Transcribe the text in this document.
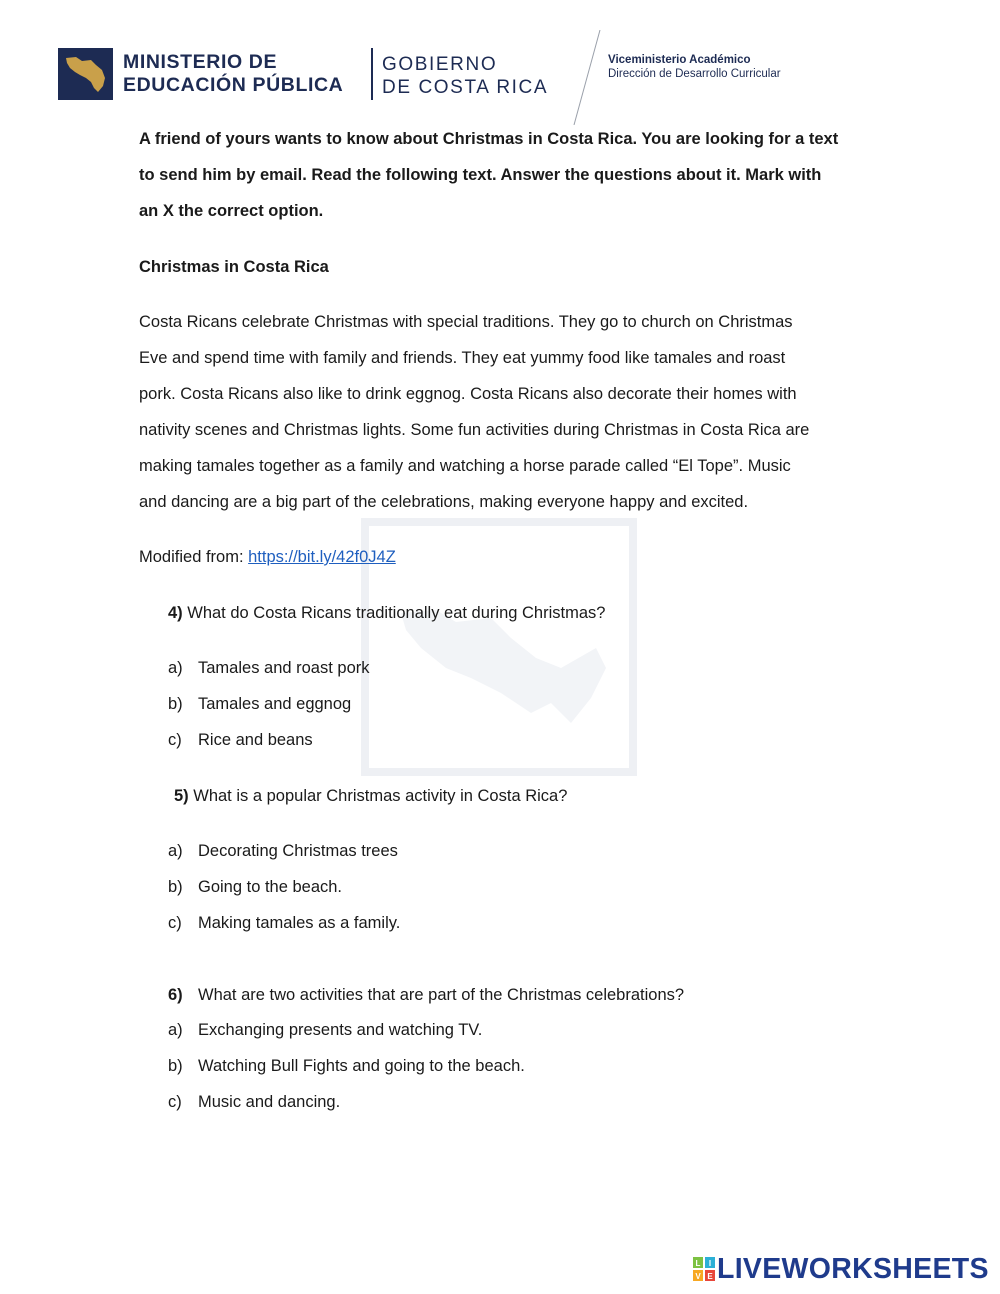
MINISTERIO DE
EDUCACIÓN PÚBLICA
GOBIERNO
DE COSTA RICA
Viceministerio Académico
Dirección de Desarrollo Curricular
A friend of yours wants to know about Christmas in Costa Rica. You are looking for a text
to send him by email. Read the following text. Answer the questions about it. Mark with
an X the correct option.
Christmas in Costa Rica
Costa Ricans celebrate Christmas with special traditions. They go to church on Christmas
Eve and spend time with family and friends. They eat yummy food like tamales and roast
pork. Costa Ricans also like to drink eggnog. Costa Ricans also decorate their homes with
nativity scenes and Christmas lights. Some fun activities during Christmas in Costa Rica are
making tamales together as a family and watching a horse parade called “El Tope”. Music
and dancing are a big part of the celebrations, making everyone happy and excited.
Modified from: https://bit.ly/42f0J4Z
4) What do Costa Ricans traditionally eat during Christmas?
a) Tamales and roast pork
b) Tamales and eggnog
c) Rice and beans
5) What is a popular Christmas activity in Costa Rica?
a) Decorating Christmas trees
b) Going to the beach.
c) Making tamales as a family.
6) What are two activities that are part of the Christmas celebrations?
a) Exchanging presents and watching TV.
b) Watching Bull Fights and going to the beach.
c) Music and dancing.
L I
V E LIVEWORKSHEETS
